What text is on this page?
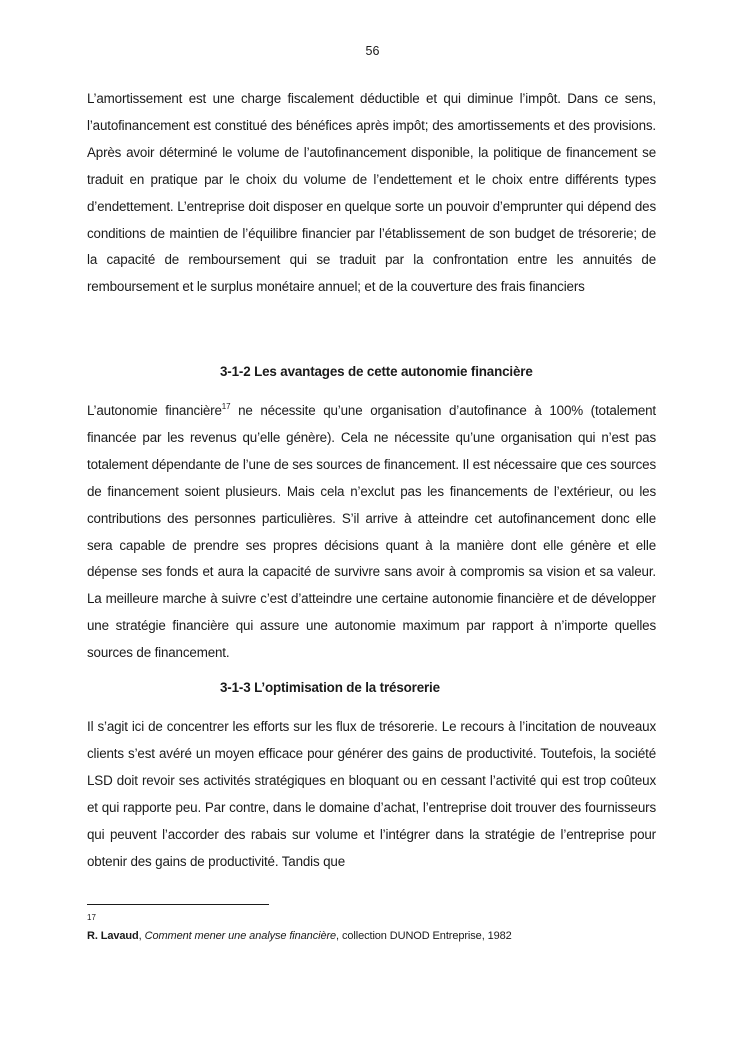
56

L’amortissement est une charge fiscalement déductible et qui diminue l’impôt. Dans ce sens, l’autofinancement est constitué des bénéfices après impôt; des amortissements et des provisions. Après avoir déterminé le volume de l’autofinancement disponible, la politique de financement se traduit en pratique par le choix du volume de l’endettement et le choix entre différents types d’endettement. L’entreprise doit disposer en quelque sorte un pouvoir d’emprunter qui dépend des conditions de maintien de l’équilibre financier par l’établissement de son budget de trésorerie; de la capacité de remboursement qui se traduit par la confrontation entre les annuités de remboursement et le surplus monétaire annuel; et de la couverture des frais financiers

3-1-2 Les avantages de cette autonomie financière

L’autonomie financière$^{17}$ ne nécessite qu’une organisation d’autofinance à 100% (totalement financée par les revenus qu’elle génère). Cela ne nécessite qu’une organisation qui n’est pas totalement dépendante de l’une de ses sources de financement. Il est nécessaire que ces sources de financement soient plusieurs. Mais cela n’exclut pas les financements de l’extérieur, ou les contributions des personnes particulières. S’il arrive à atteindre cet autofinancement donc elle sera capable de prendre ses propres décisions quant à la manière dont elle génère et elle dépense ses fonds et aura la capacité de survivre sans avoir à compromis sa vision et sa valeur. La meilleure marche à suivre c’est d’atteindre une certaine autonomie financière et de développer une stratégie financière qui assure une autonomie maximum par rapport à n’importe quelles sources de financement.

3-1-3 L’optimisation de la trésorerie

Il s’agit ici de concentrer les efforts sur les flux de trésorerie. Le recours à l’incitation de nouveaux clients s’est avéré un moyen efficace pour générer des gains de productivité. Toutefois, la société LSD doit revoir ses activités stratégiques en bloquant ou en cessant l’activité qui est trop coûteux et qui rapporte peu. Par contre, dans le domaine d’achat, l’entreprise doit trouver des fournisseurs qui peuvent l’accorder des rabais sur volume et l’intégrer dans la stratégie de l’entreprise pour obtenir des gains de productivité. Tandis que

17
R. Lavaud, Comment mener une analyse financière, collection DUNOD Entreprise, 1982
